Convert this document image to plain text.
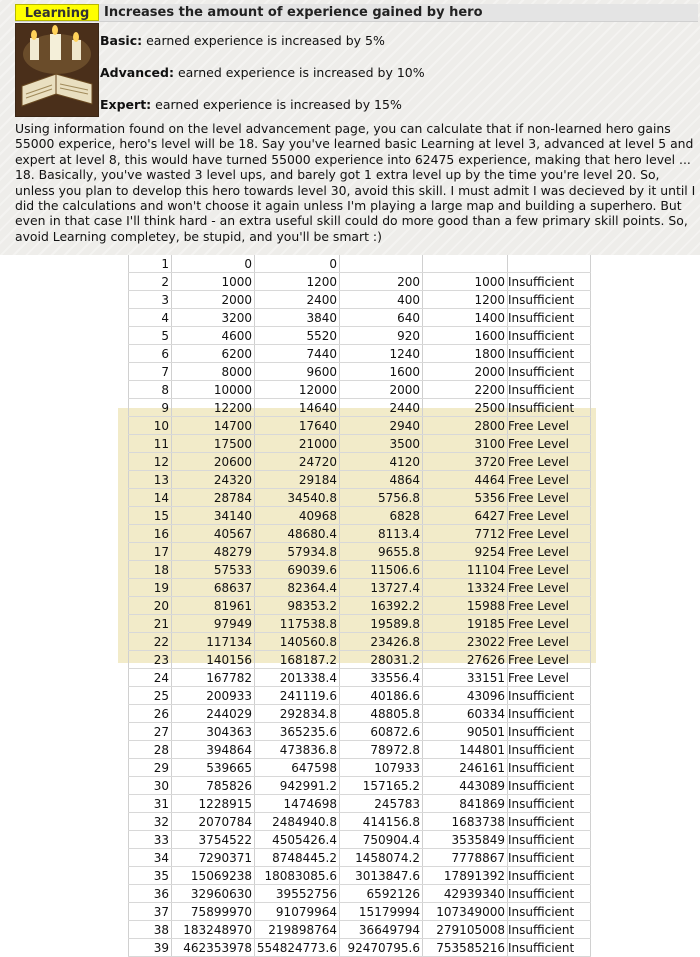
Learning	Increases the amount of experience gained by hero
Basic: earned experience is increased by 5%
Advanced: earned experience is increased by 10%
Expert: earned experience is increased by 15%
Using information found on the level advancement page, you can calculate that if non-learned hero gains 55000 experice, hero's level will be 18. Say you've learned basic Learning at level 3, advanced at level 5 and expert at level 8, this would have turned 55000 experience into 62475 experience, making that hero level ... 18. Basically, you've wasted 3 level ups, and barely got 1 extra level up by the time you're level 20. So, unless you plan to develop this hero towards level 30, avoid this skill. I must admit I was decieved by it until I did the calculations and won't choose it again unless I'm playing a large map and building a superhero. But even in that case I'll think hard - an extra useful skill could do more good than a few primary skill points. So, avoid Learning completey, be stupid, and you'll be smart :)
1	0	0			
2	1000	1200	200	1000	Insufficient
3	2000	2400	400	1200	Insufficient
4	3200	3840	640	1400	Insufficient
5	4600	5520	920	1600	Insufficient
6	6200	7440	1240	1800	Insufficient
7	8000	9600	1600	2000	Insufficient
8	10000	12000	2000	2200	Insufficient
9	12200	14640	2440	2500	Insufficient
10	14700	17640	2940	2800	Free Level
11	17500	21000	3500	3100	Free Level
12	20600	24720	4120	3720	Free Level
13	24320	29184	4864	4464	Free Level
14	28784	34540.8	5756.8	5356	Free Level
15	34140	40968	6828	6427	Free Level
16	40567	48680.4	8113.4	7712	Free Level
17	48279	57934.8	9655.8	9254	Free Level
18	57533	69039.6	11506.6	11104	Free Level
19	68637	82364.4	13727.4	13324	Free Level
20	81961	98353.2	16392.2	15988	Free Level
21	97949	117538.8	19589.8	19185	Free Level
22	117134	140560.8	23426.8	23022	Free Level
23	140156	168187.2	28031.2	27626	Free Level
24	167782	201338.4	33556.4	33151	Free Level
25	200933	241119.6	40186.6	43096	Insufficient
26	244029	292834.8	48805.8	60334	Insufficient
27	304363	365235.6	60872.6	90501	Insufficient
28	394864	473836.8	78972.8	144801	Insufficient
29	539665	647598	107933	246161	Insufficient
30	785826	942991.2	157165.2	443089	Insufficient
31	1228915	1474698	245783	841869	Insufficient
32	2070784	2484940.8	414156.8	1683738	Insufficient
33	3754522	4505426.4	750904.4	3535849	Insufficient
34	7290371	8748445.2	1458074.2	7778867	Insufficient
35	15069238	18083085.6	3013847.6	17891392	Insufficient
36	32960630	39552756	6592126	42939340	Insufficient
37	75899970	91079964	15179994	107349000	Insufficient
38	183248970	219898764	36649794	279105008	Insufficient
39	462353978	554824773.6	92470795.6	753585216	Insufficient
